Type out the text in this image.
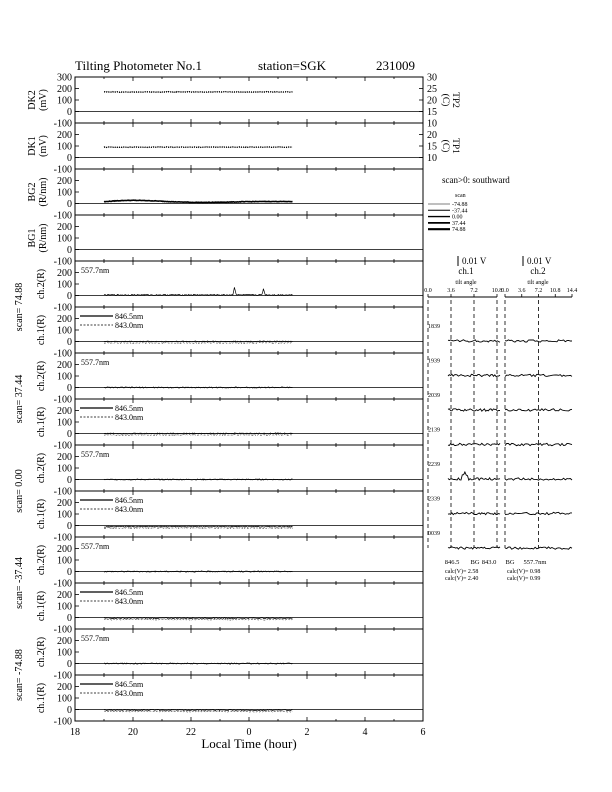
Tilting Photometer No.1	station=SGK	231009
300
200
100
0
-100
30
25
20
15
10
TP2(C)
DK2(mV)
200
100
0
-100
20
15
10
TP1(C)
DK1(mV)
200
100
0
-100
BG2(R/nm)
200
100
0
-100
BG1(R/nm)
200
100
0
-100
ch.2(R)	557.7nm
200
100
0
-100
ch.1(R)	846.5nm
843.0nm
200
100
0
-100
ch.2(R)	557.7nm
200
100
0
-100
ch.1(R)	846.5nm
843.0nm
200
100
0
-100
ch.2(R)	557.7nm
200
100
0
-100
ch.1(R)	846.5nm
843.0nm
200
100
0
-100
ch.2(R)	557.7nm
200
100
0
-100
ch.1(R)	846.5nm
843.0nm
200
100
0
-100
ch.2(R)	557.7nm
200
100
0
-100
ch.1(R)	846.5nm
843.0nm
scan= 74.88
scan= 37.44
scan= 0.00
scan= -37.44
scan= -74.88
18	20	22	0	2	4	6
Local Time (hour)
scan>0: southward
scan
-74.88
-37.44
0.00
37.44
74.88
0.01 V
ch.1
0.01 V
ch.2
tilt angle	tilt angle
0.0	3.6	7.2 10.8 0.0 3.6 7.2 10.8 14.4
1839
1939
2039
2139
2239
2339
0039
846.5 BG 843.0 BG 557.7nm
calc(V)= 2.58
calc(V)= 2.40
calc(V)= 0.98
calc(V)= 0.99
